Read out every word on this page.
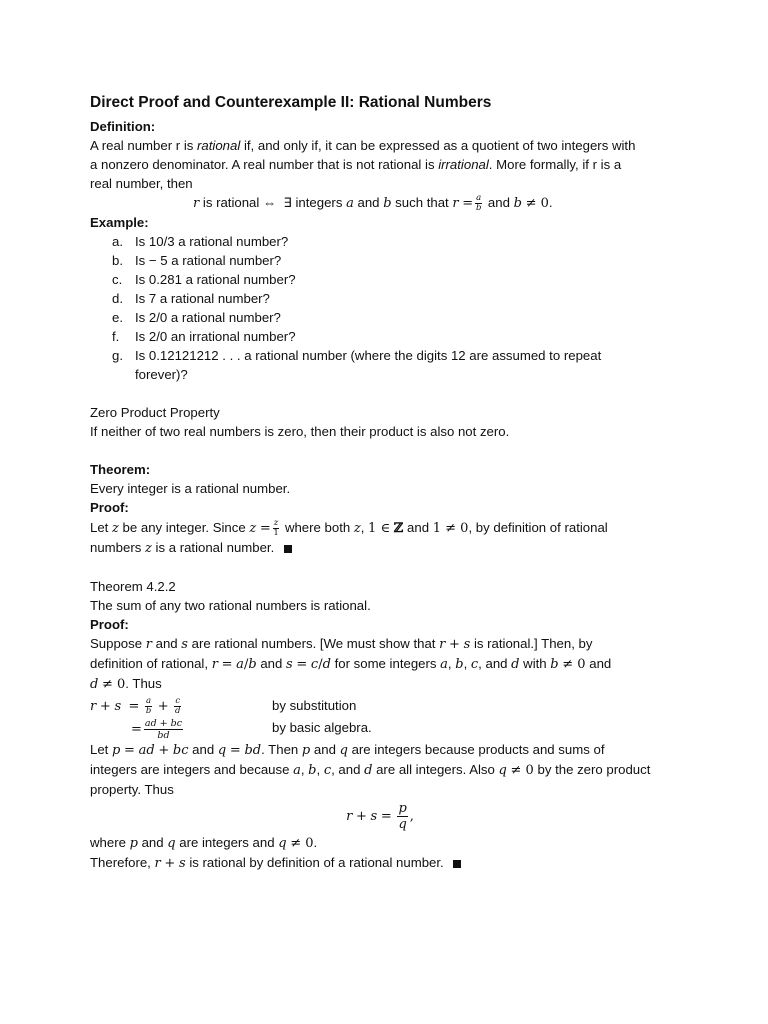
Direct Proof and Counterexample II: Rational Numbers
Definition:
A real number r is rational if, and only if, it can be expressed as a quotient of two integers with
a nonzero denominator. A real number that is not rational is irrational. More formally, if r is a
real number, then
r is rational ⇔  ∃ integers a and b such that $r = \frac{a}{b}$ and b ≠ 0.
Example:
a. Is 10/3 a rational number?
b. Is − 5 a rational number?
c. Is 0.281 a rational number?
d. Is 7 a rational number?
e. Is 2/0 a rational number?
f. Is 2/0 an irrational number?
g. Is 0.12121212 . . . a rational number (where the digits 12 are assumed to repeat
forever)?
Zero Product Property
If neither of two real numbers is zero, then their product is also not zero.
Theorem:
Every integer is a rational number.
Proof:
Let z be any integer. Since $z = \frac{z}{1}$ where both z, 1 ∈ ℤ and 1 ≠ 0, by definition of rational
numbers z is a rational number.
Theorem 4.2.2
The sum of any two rational numbers is rational.
Proof:
Suppose r and s are rational numbers. [We must show that r + s is rational.] Then, by
definition of rational, r = a/b and s = c/d for some integers a, b, c, and d with b ≠ 0 and
d ≠ 0. Thus
$r + s = \frac{a}{b} + \frac{c}{d}$	by substitution
= $\frac{ad + bc}{bd}$	by basic algebra.
Let p = ad + bc and q = bd. Then p and q are integers because products and sums of
integers are integers and because a, b, c, and d are all integers. Also q ≠ 0 by the zero product
property. Thus
$r + s = \frac{p}{q}$ ,
where p and q are integers and q ≠ 0.
Therefore, r + s is rational by definition of a rational number.
